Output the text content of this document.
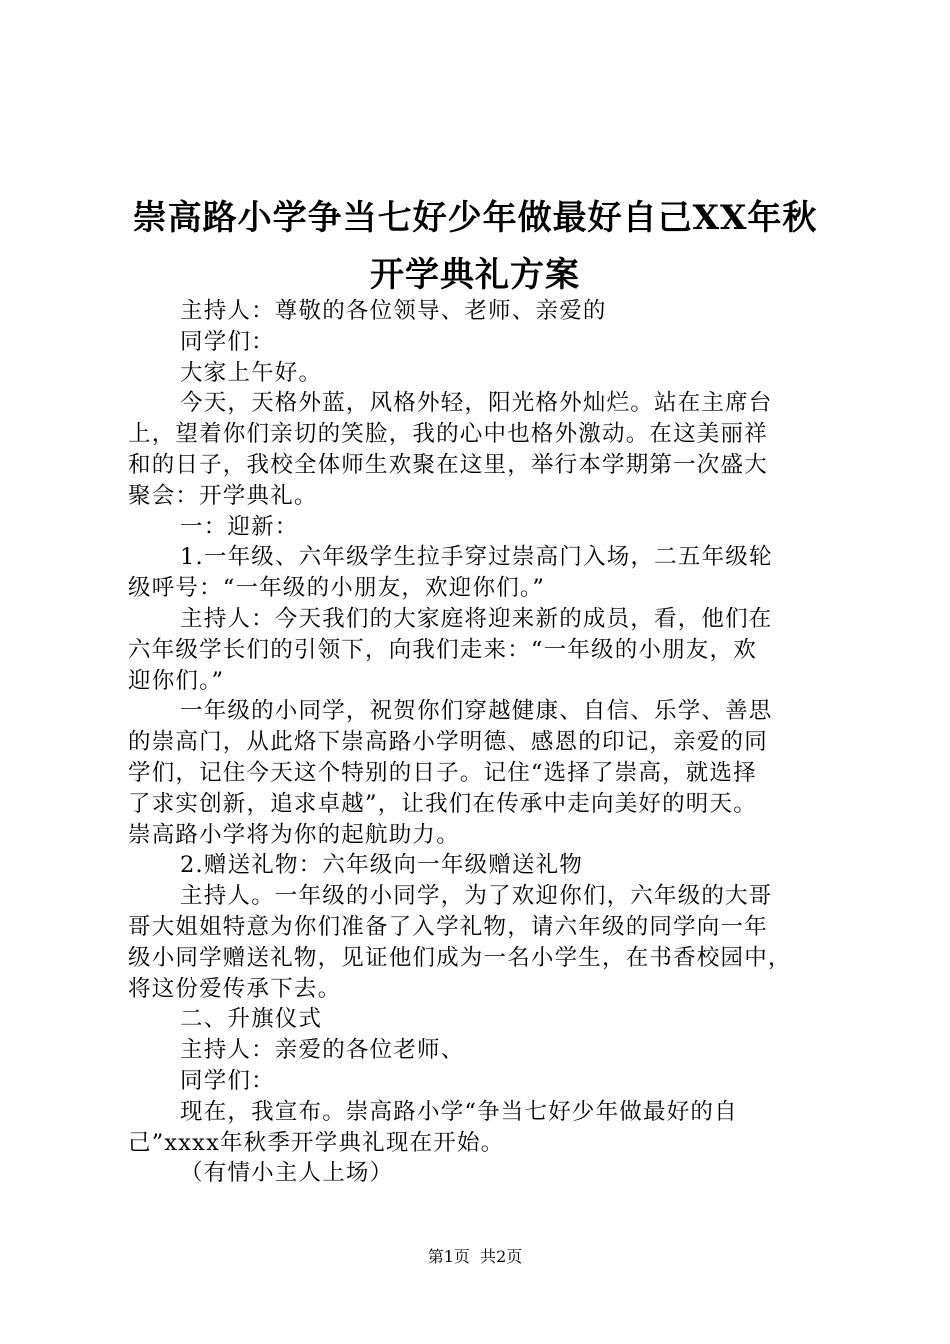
崇高路小学争当七好少年做最好自己XX年秋
开学典礼方案

主持人：尊敬的各位领导、老师、亲爱的

同学们：

大家上午好。

今天，天格外蓝，风格外轻，阳光格外灿烂。站在主席台

上，望着你们亲切的笑脸，我的心中也格外激动。在这美丽祥

和的日子，我校全体师生欢聚在这里，举行本学期第一次盛大

聚会：开学典礼。

一：迎新：

1.一年级、六年级学生拉手穿过崇高门入场，二五年级轮

级呼号：“一年级的小朋友，欢迎你们。”

主持人：今天我们的大家庭将迎来新的成员，看，他们在

六年级学长们的引领下，向我们走来：“一年级的小朋友，欢

迎你们。”

一年级的小同学，祝贺你们穿越健康、自信、乐学、善思

的崇高门，从此烙下崇高路小学明德、感恩的印记，亲爱的同

学们，记住今天这个特别的日子。记住“选择了崇高，就选择

了求实创新，追求卓越”，让我们在传承中走向美好的明天。

崇高路小学将为你的起航助力。

2.赠送礼物：六年级向一年级赠送礼物

主持人。一年级的小同学，为了欢迎你们，六年级的大哥

哥大姐姐特意为你们准备了入学礼物，请六年级的同学向一年

级小同学赠送礼物，见证他们成为一名小学生，在书香校园中，

将这份爱传承下去。

二、升旗仪式

主持人：亲爱的各位老师、

同学们：

现在，我宣布。崇高路小学“争当七好少年做最好的自

己”xxxx年秋季开学典礼现在开始。

（有情小主人上场）

第1页  共2页
